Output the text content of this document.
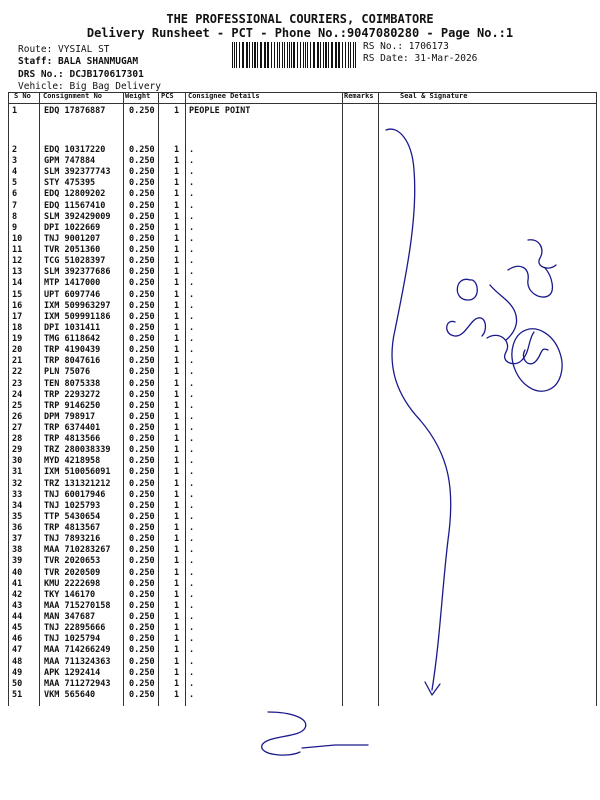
THE PROFESSIONAL COURIERS, COIMBATORE
Delivery Runsheet - PCT - Phone No.:9047080280 - Page No.:1
Route: VYSIAL ST
Staff: BALA SHANMUGAM
DRS No.: DCJB170617301
Vehicle: Big Bag Delivery
RS No.: 1706173
RS Date: 31-Mar-2026
S No Consignment No	Weight PCS Consignee Details	Remarks	Seal & Signature
1	EDQ 17876887	0.250 1 PEOPLE POINT
2	EDQ 10317220	0.250 1 .
3	GPM 747884	0.250 1 .
4	SLM 392377743 0.250 1 .
5	STY 475395	0.250 1 .
6	EDQ 12809202	0.250 1 .
7	EDQ 11567410	0.250 1 .
8	SLM 392429009 0.250 1 .
9	DPI 1022669	0.250 1 .
10	TNJ 9001207	0.250 1 .
11	TVR 2051360	0.250 1 .
12	TCG 51028397	0.250 1 .
13	SLM 392377686 0.250 1 .
14	MTP 1417000	0.250 1 .
15	UPT 6097746	0.250 1 .
16	IXM 509963297 0.250 1 .
17	IXM 509991186 0.250 1 .
18	DPI 1031411	0.250 1 .
19	TMG 6118642	0.250 1 .
20	TRP 4190439	0.250 1 .
21	TRP 8047616	0.250 1 .
22	PLN 75076	0.250 1 .
23	TEN 8075338	0.250 1 .
24	TRP 2293272	0.250 1 .
25	TRP 9146250	0.250 1 .
26	DPM 798917	0.250 1 .
27	TRP 6374401	0.250 1 .
28	TRP 4813566	0.250 1 .
29	TRZ 280038339 0.250 1 .
30	MYD 4218958	0.250 1 .
31	IXM 510056091 0.250 1 .
32	TRZ 131321212 0.250 1 .
33	TNJ 60017946	0.250 1 .
34	TNJ 1025793	0.250 1 .
35	TTP 5430654	0.250 1 .
36	TRP 4813567	0.250 1 .
37	TNJ 7893216	0.250 1 .
38	MAA 710283267 0.250 1 .
39	TVR 2020653	0.250 1 .
40	TVR 2020509	0.250 1 .
41	KMU 2222698	0.250 1 .
42	TKY 146170	0.250 1 .
43	MAA 715270158 0.250 1 .
44	MAN 347687	0.250 1 .
45	TNJ 22895666	0.250 1 .
46	TNJ 1025794	0.250 1 .
47	MAA 714266249 0.250 1 .
48	MAA 711324363 0.250 1 .
49	APK 1292414	0.250 1 .
50	MAA 711272943 0.250 1 .
51	VKM 565640	0.250 1 .
